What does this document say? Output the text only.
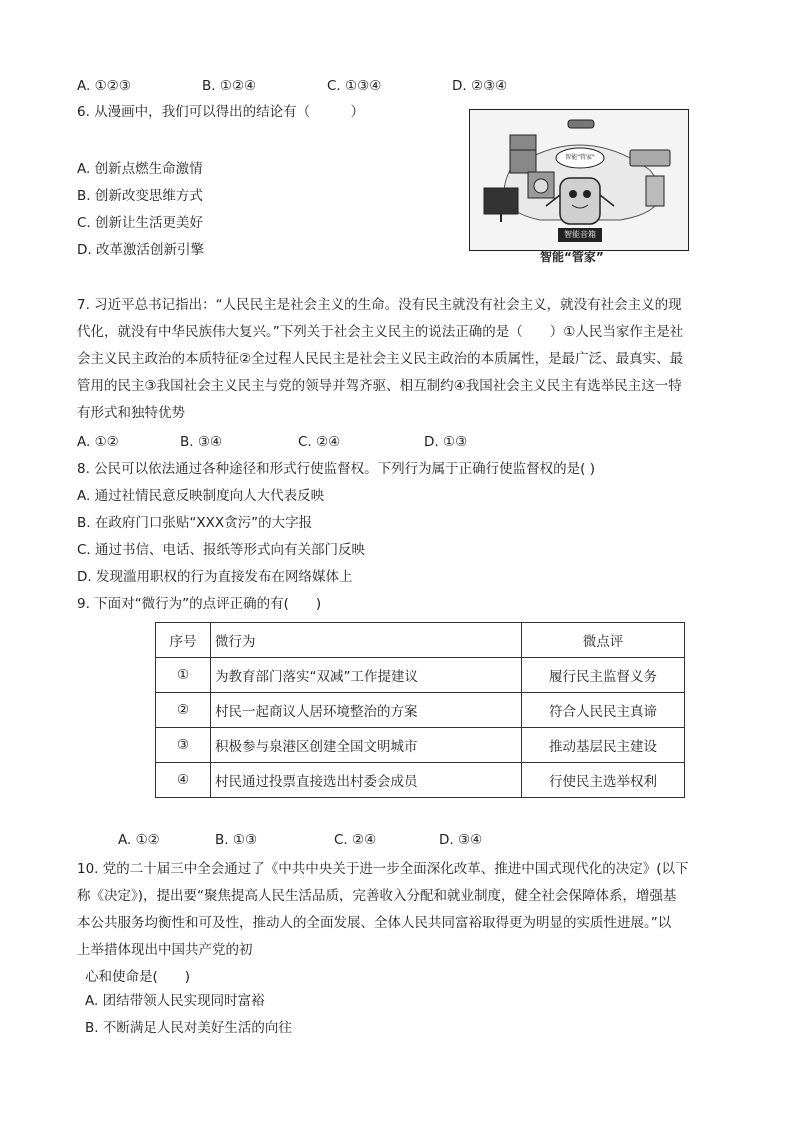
A. ①②③	B. ①②④	C. ①③④	D. ②③④
6. 从漫画中，我们可以得出的结论有（　　　）
A. 创新点燃生命激情
B. 创新改变思维方式
C. 创新让生活更美好
D. 改革激活创新引擎
智能"管家"
智能音箱
智能“管家”
7. 习近平总书记指出：“人民民主是社会主义的生命。没有民主就没有社会主义，就没有社会主义的现
代化，就没有中华民族伟大复兴。”下列关于社会主义民主的说法正确的是（　　）①人民当家作主是社
会主义民主政治的本质特征②全过程人民民主是社会主义民主政治的本质属性，是最广泛、最真实、最
管用的民主③我国社会主义民主与党的领导并驾齐驱、相互制约④我国社会主义民主有选举民主这一特
有形式和独特优势
A. ①②	B. ③④	C. ②④	D. ①③
8. 公民可以依法通过各种途径和形式行使监督权。下列行为属于正确行使监督权的是( )
A. 通过社情民意反映制度向人大代表反映
B. 在政府门口张贴“XXX贪污”的大字报
C. 通过书信、电话、报纸等形式向有关部门反映
D. 发现滥用职权的行为直接发布在网络媒体上
9. 下面对“微行为”的点评正确的有(　　)
序号	微行为	微点评
①	为教育部门落实“双减”工作提建议	履行民主监督义务
②	村民一起商议人居环境整治的方案	符合人民民主真谛
③	积极参与泉港区创建全国文明城市	推动基层民主建设
④	村民通过投票直接选出村委会成员	行使民主选举权利
A. ①②	B. ①③	C. ②④	D. ③④
10. 党的二十届三中全会通过了《中共中央关于进一步全面深化改革、推进中国式现代化的决定》(以下
称《决定》)，提出要“聚焦提高人民生活品质，完善收入分配和就业制度，健全社会保障体系，增强基
本公共服务均衡性和可及性，推动人的全面发展、全体人民共同富裕取得更为明显的实质性进展。”以
上举措体现出中国共产党的初
心和使命是(　　)
A. 团结带领人民实现同时富裕
B. 不断满足人民对美好生活的向往
